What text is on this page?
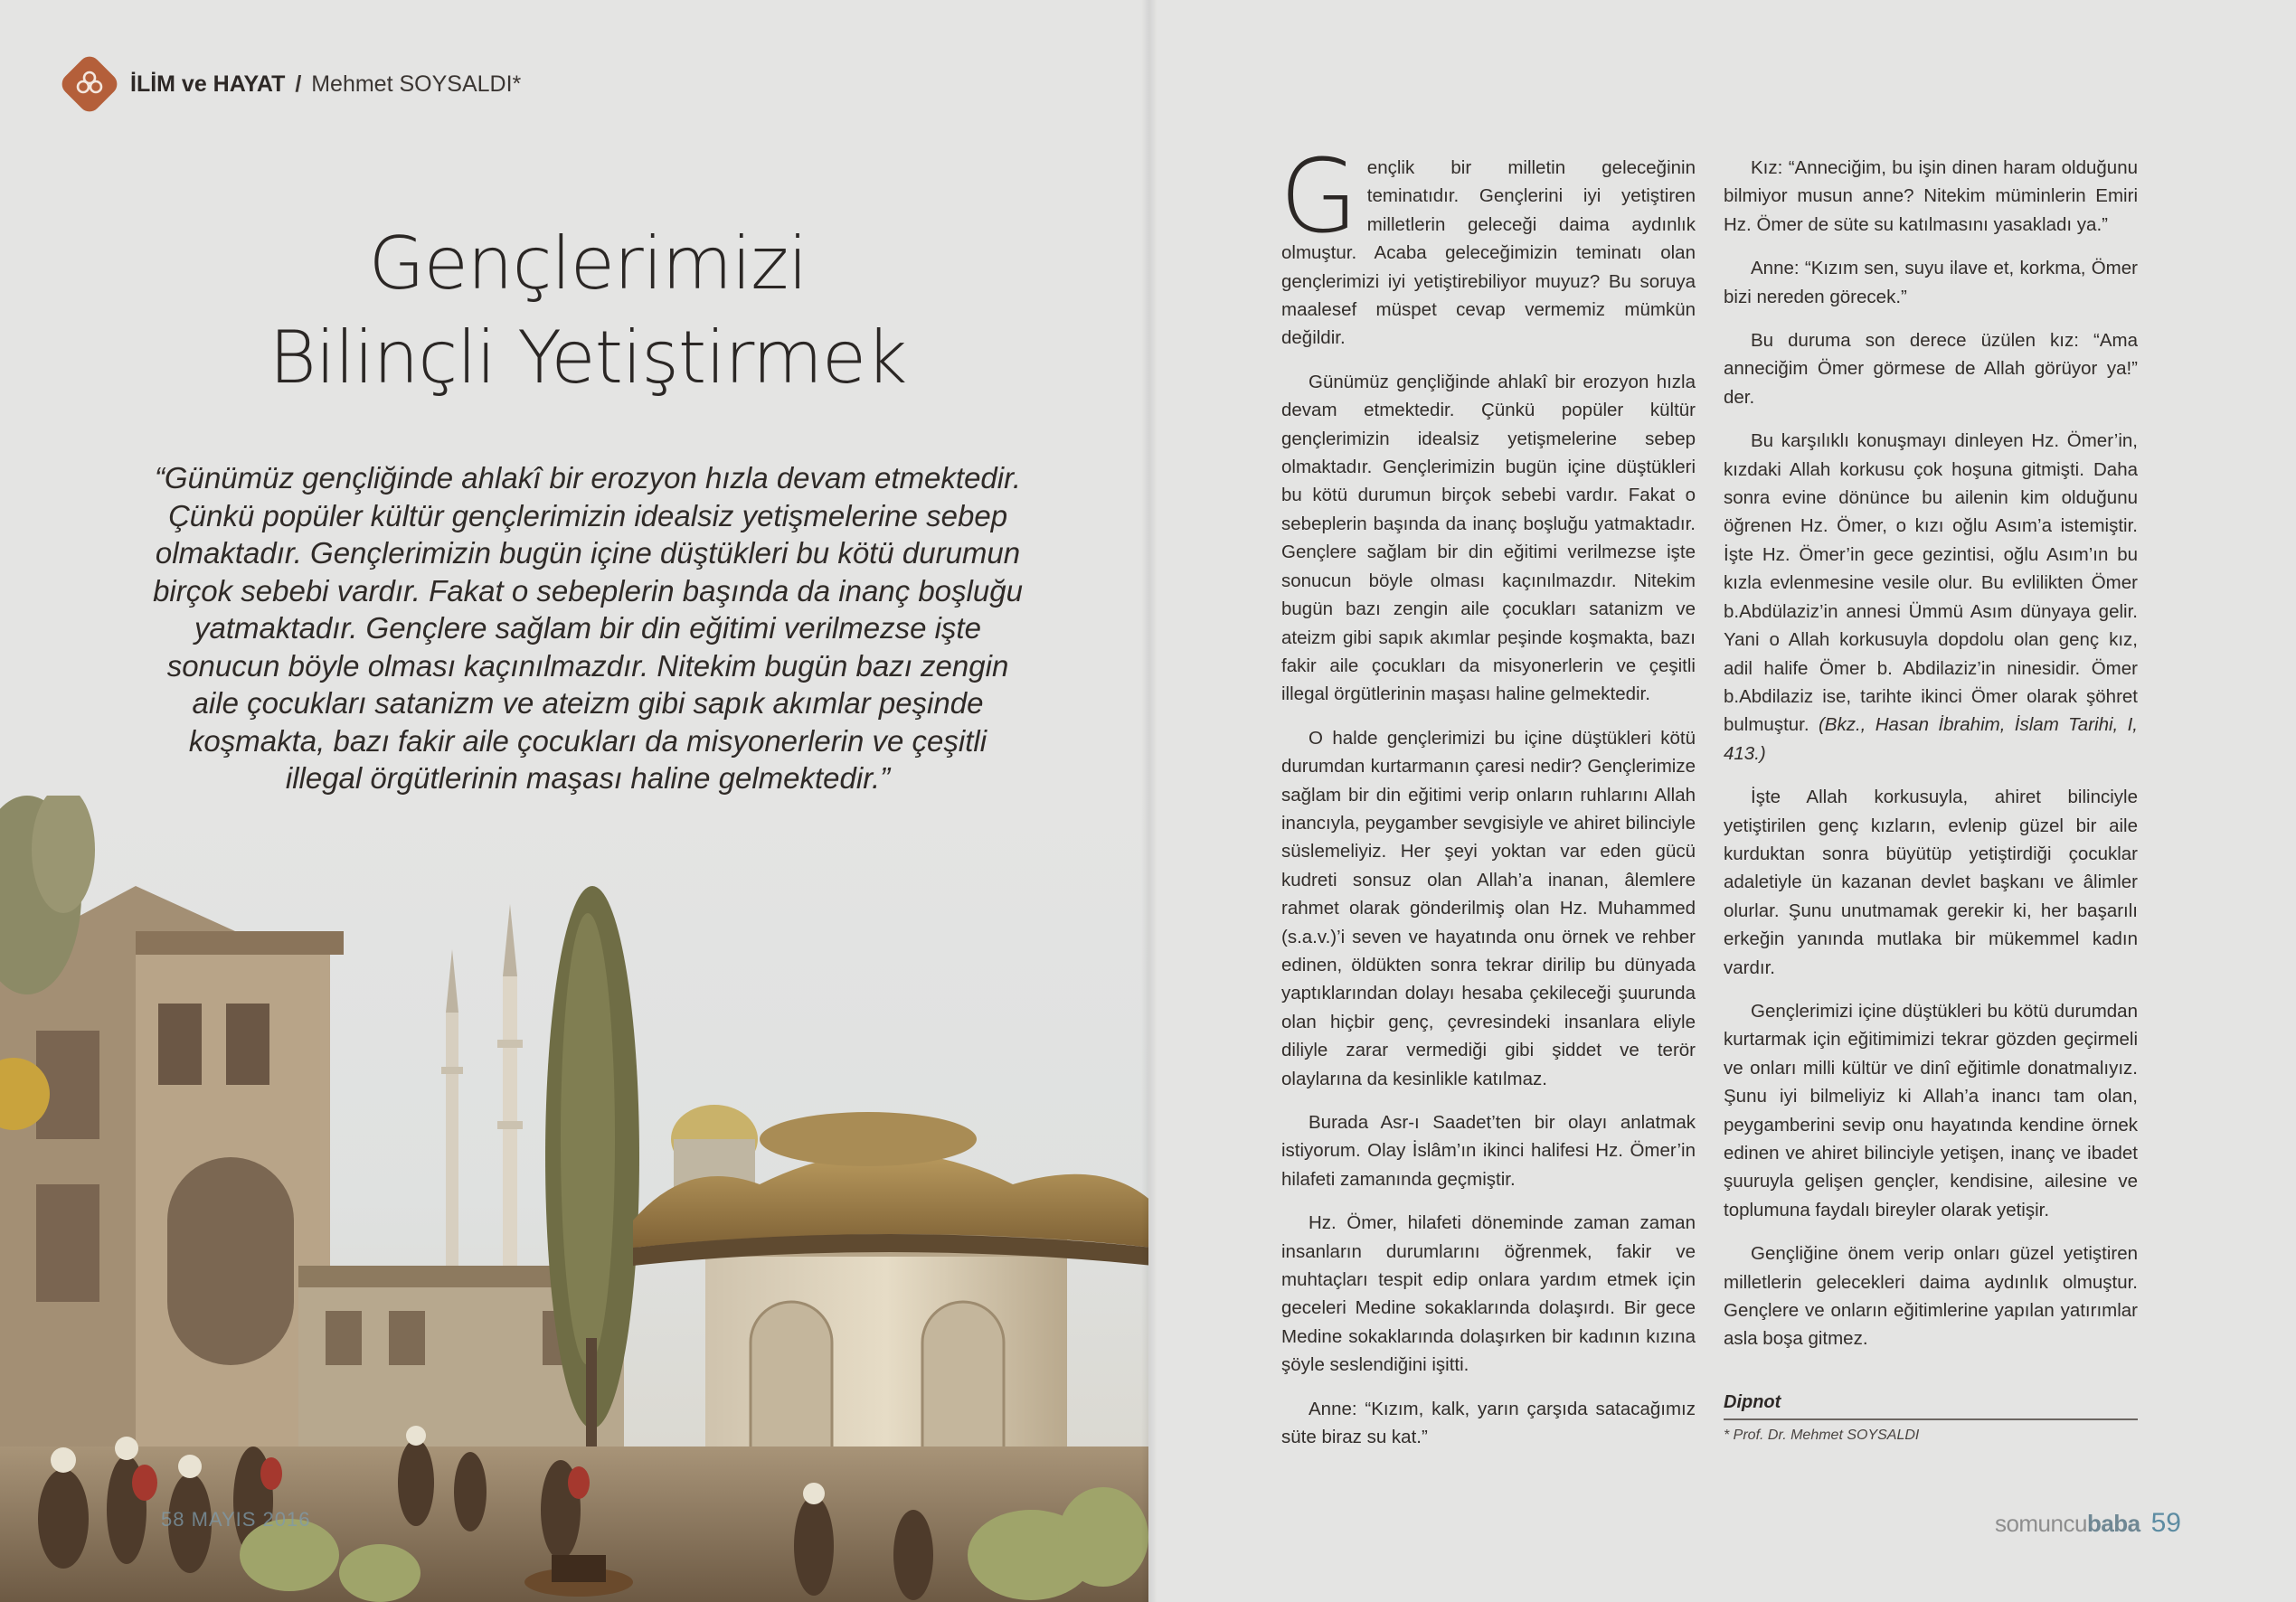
İLİM ve HAYAT / Mehmet SOYSALDI*
Gençlerimizi
Bilinçli Yetiştirmek
“Günümüz gençliğinde ahlakî bir erozyon hızla devam etmektedir. Çünkü popüler kültür gençlerimizin idealsiz yetişmelerine sebep olmaktadır. Gençlerimizin bugün içine düştükleri bu kötü durumun birçok sebebi vardır. Fakat o sebeplerin başında da inanç boşluğu yatmaktadır. Gençlere sağlam bir din eğitimi verilmezse işte sonucun böyle olması kaçınılmazdır. Nitekim bugün bazı zengin aile çocukları satanizm ve ateizm gibi sapık akımlar peşinde koşmakta, bazı fakir aile çocukları da misyonerlerin ve çeşitli illegal örgütlerinin maşası haline gelmektedir.”
58 MAYIS 2016

Gençlik bir milletin geleceğinin teminatıdır. Gençlerini iyi yetiştiren milletlerin geleceği daima aydınlık olmuştur. Acaba geleceğimizin teminatı olan gençlerimizi iyi yetiştirebiliyor muyuz? Bu soruya maalesef müspet cevap vermemiz mümkün değildir.

Günümüz gençliğinde ahlakî bir erozyon hızla devam etmektedir. Çünkü popüler kültür gençlerimizin idealsiz yetişmelerine sebep olmaktadır. Gençlerimizin bugün içine düştükleri bu kötü durumun birçok sebebi vardır. Fakat o sebeplerin başında da inanç boşluğu yatmaktadır. Gençlere sağlam bir din eğitimi verilmezse işte sonucun böyle olması kaçınılmazdır. Nitekim bugün bazı zengin aile çocukları satanizm ve ateizm gibi sapık akımlar peşinde koşmakta, bazı fakir aile çocukları da misyonerlerin ve çeşitli illegal örgütlerinin maşası haline gelmektedir.

O halde gençlerimizi bu içine düştükleri kötü durumdan kurtarmanın çaresi nedir? Gençlerimize sağlam bir din eğitimi verip onların ruhlarını Allah inancıyla, peygamber sevgisiyle ve ahiret bilinciyle süslemeliyiz. Her şeyi yoktan var eden gücü kudreti sonsuz olan Allah’a inanan, âlemlere rahmet olarak gönderilmiş olan Hz. Muhammed (s.a.v.)’i seven ve hayatında onu örnek ve rehber edinen, öldükten sonra tekrar dirilip bu dünyada yaptıklarından dolayı hesaba çekileceği şuurunda olan hiçbir genç, çevresindeki insanlara eliyle diliyle zarar vermediği gibi şiddet ve terör olaylarına da kesinlikle katılmaz.

Burada Asr-ı Saadet’ten bir olayı anlatmak istiyorum. Olay İslâm’ın ikinci halifesi Hz. Ömer’in hilafeti zamanında geçmiştir.

Hz. Ömer, hilafeti döneminde zaman zaman insanların durumlarını öğrenmek, fakir ve muhtaçları tespit edip onlara yardım etmek için geceleri Medine sokaklarında dolaşırdı. Bir gece Medine sokaklarında dolaşırken bir kadının kızına şöyle seslendiğini işitti.

Anne: “Kızım, kalk, yarın çarşıda satacağımız süte biraz su kat.”

Kız: “Anneciğim, bu işin dinen haram olduğunu bilmiyor musun anne? Nitekim müminlerin Emiri Hz. Ömer de süte su katılmasını yasakladı ya.”

Anne: “Kızım sen, suyu ilave et, korkma, Ömer bizi nereden görecek.”

Bu duruma son derece üzülen kız: “Ama anneciğim Ömer görmese de Allah görüyor ya!” der.

Bu karşılıklı konuşmayı dinleyen Hz. Ömer’in, kızdaki Allah korkusu çok hoşuna gitmişti. Daha sonra evine dönünce bu ailenin kim olduğunu öğrenen Hz. Ömer, o kızı oğlu Asım’a istemiştir. İşte Hz. Ömer’in gece gezintisi, oğlu Asım’ın bu kızla evlenmesine vesile olur. Bu evlilikten Ömer b.Abdülaziz’in annesi Ümmü Asım dünyaya gelir. Yani o Allah korkusuyla dopdolu olan genç kız, adil halife Ömer b. Abdilaziz’in ninesidir. Ömer b.Abdilaziz ise, tarihte ikinci Ömer olarak şöhret bulmuştur. (Bkz., Hasan İbrahim, İslam Tarihi, I, 413.)

İşte Allah korkusuyla, ahiret bilinciyle yetiştirilen genç kızların, evlenip güzel bir aile kurduktan sonra büyütüp yetiştirdiği çocuklar adaletiyle ün kazanan devlet başkanı ve âlimler olurlar. Şunu unutmamak gerekir ki, her başarılı erkeğin yanında mutlaka bir mükemmel kadın vardır.

Gençlerimizi içine düştükleri bu kötü durumdan kurtarmak için eğitimimizi tekrar gözden geçirmeli ve onları milli kültür ve dinî eğitimle donatmalıyız. Şunu iyi bilmeliyiz ki Allah’a inancı tam olan, peygamberini sevip onu hayatında kendine örnek edinen ve ahiret bilinciyle yetişen, inanç ve ibadet şuuruyla gelişen gençler, kendisine, ailesine ve toplumuna faydalı bireyler olarak yetişir.

Gençliğine önem verip onları güzel yetiştiren milletlerin gelecekleri daima aydınlık olmuştur. Gençlere ve onların eğitimlerine yapılan yatırımlar asla boşa gitmez.

Dipnot
* Prof. Dr. Mehmet SOYSALDI
somuncubaba 59
